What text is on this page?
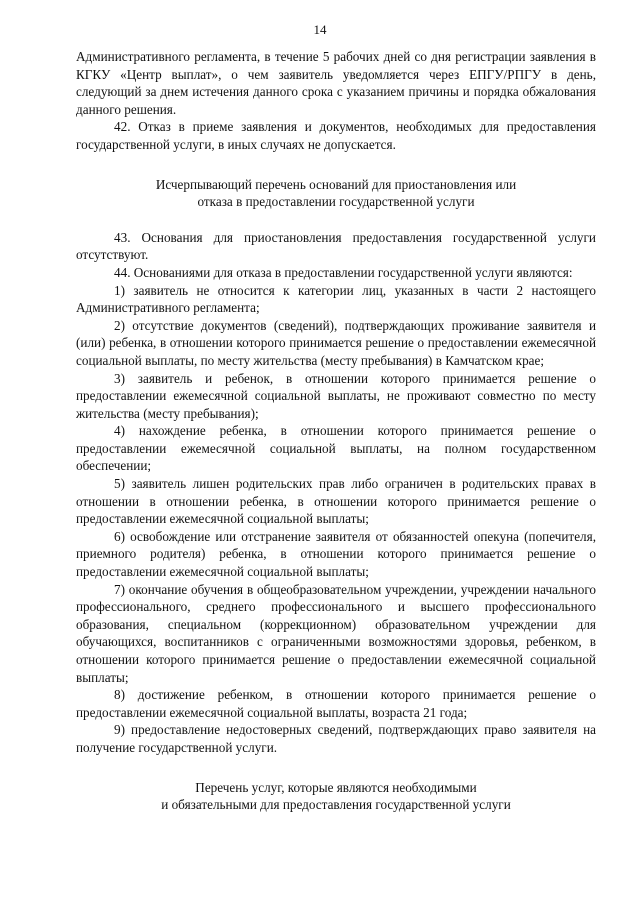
14

Административного регламента, в течение 5 рабочих дней со дня регистрации заявления в КГКУ «Центр выплат», о чем заявитель уведомляется через ЕПГУ/РПГУ в день, следующий за днем истечения данного срока с указанием причины и порядка обжалования данного решения.

42. Отказ в приеме заявления и документов, необходимых для предоставления государственной услуги, в иных случаях не допускается.

Исчерпывающий перечень оснований для приостановления или

отказа в предоставлении государственной услуги

43. Основания для приостановления предоставления государственной услуги отсутствуют.

44. Основаниями для отказа в предоставлении государственной услуги являются:

1) заявитель не относится к категории лиц, указанных в части 2 настоящего Административного регламента;

2) отсутствие документов (сведений), подтверждающих проживание заявителя и (или) ребенка, в отношении которого принимается решение о предоставлении ежемесячной социальной выплаты, по месту жительства (месту пребывания) в Камчатском крае;

3) заявитель и ребенок, в отношении которого принимается решение о предоставлении ежемесячной социальной выплаты, не проживают совместно по месту жительства (месту пребывания);

4) нахождение ребенка, в отношении которого принимается решение о предоставлении ежемесячной социальной выплаты, на полном государственном обеспечении;

5) заявитель лишен родительских прав либо ограничен в родительских правах в отношении в отношении ребенка, в отношении которого принимается решение о предоставлении ежемесячной социальной выплаты;

6) освобождение или отстранение заявителя от обязанностей опекуна (попечителя, приемного родителя) ребенка, в отношении которого принимается решение о предоставлении ежемесячной социальной выплаты;

7) окончание обучения в общеобразовательном учреждении, учреждении начального профессионального, среднего профессионального и высшего профессионального образования, специальном (коррекционном) образовательном учреждении для обучающихся, воспитанников с ограниченными возможностями здоровья, ребенком, в отношении которого принимается решение о предоставлении ежемесячной социальной выплаты;

8) достижение ребенком, в отношении которого принимается решение о предоставлении ежемесячной социальной выплаты, возраста 21 года;

9) предоставление недостоверных сведений, подтверждающих право заявителя на получение государственной услуги.

Перечень услуг, которые являются необходимыми

и обязательными для предоставления государственной услуги
